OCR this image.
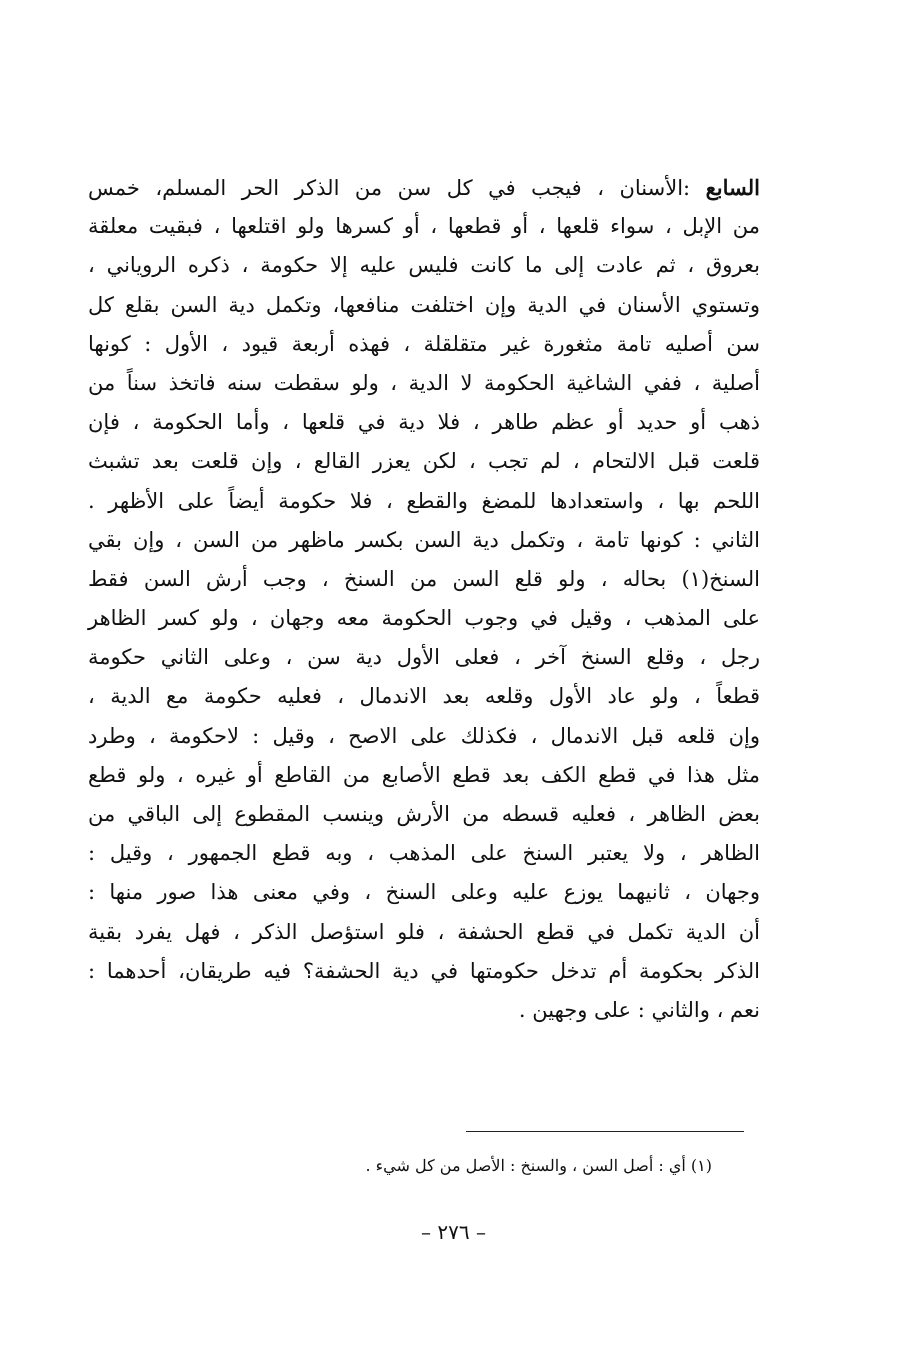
السابع :الأسنان ، فيجب في كل سن من الذكر الحر المسلم، خمس
من الإبل ، سواء قلعها ، أو قطعها ، أو كسرها ولو اقتلعها ، فبقيت معلقة
بعروق ، ثم عادت إلى ما كانت فليس عليه إلا حكومة ، ذكره الروياني ،
وتستوي الأسنان في الدية وإن اختلفت منافعها، وتكمل دية السن بقلع كل
سن أصليه تامة مثغورة غير متقلقلة ، فهذه أربعة قيود ، الأول : كونها
أصلية ، ففي الشاغية الحكومة لا الدية ، ولو سقطت سنه فاتخذ سناً من
ذهب أو حديد أو عظم طاهر ، فلا دية في قلعها ، وأما الحكومة ، فإن
قلعت قبل الالتحام ، لم تجب ، لكن يعزر القالع ، وإن قلعت بعد تشبث
اللحم بها ، واستعدادها للمضغ والقطع ، فلا حكومة أيضاً على الأظهر .
الثاني : كونها تامة ، وتكمل دية السن بكسر ماظهر من السن ، وإن بقي
السنخ(١) بحاله ، ولو قلع السن من السنخ ، وجب أرش السن فقط
على المذهب ، وقيل في وجوب الحكومة معه وجهان ، ولو كسر الظاهر
رجل ، وقلع السنخ آخر ، فعلى الأول دية سن ، وعلى الثاني حكومة
قطعاً ، ولو عاد الأول وقلعه بعد الاندمال ، فعليه حكومة مع الدية ،
وإن قلعه قبل الاندمال ، فكذلك على الاصح ، وقيل : لاحكومة ، وطرد
مثل هذا في قطع الكف بعد قطع الأصابع من القاطع أو غيره ، ولو قطع
بعض الظاهر ، فعليه قسطه من الأرش وينسب المقطوع إلى الباقي من
الظاهر ، ولا يعتبر السنخ على المذهب ، وبه قطع الجمهور ، وقيل :
وجهان ، ثانيهما يوزع عليه وعلى السنخ ، وفي معنى هذا صور منها :
أن الدية تكمل في قطع الحشفة ، فلو استؤصل الذكر ، فهل يفرد بقية
الذكر بحكومة أم تدخل حكومتها في دية الحشفة؟ فيه طريقان، أحدهما :
نعم ، والثاني : على وجهين .
(١) أي : أصل السن ، والسنخ : الأصل من كل شيء .
– ٢٧٦ –
